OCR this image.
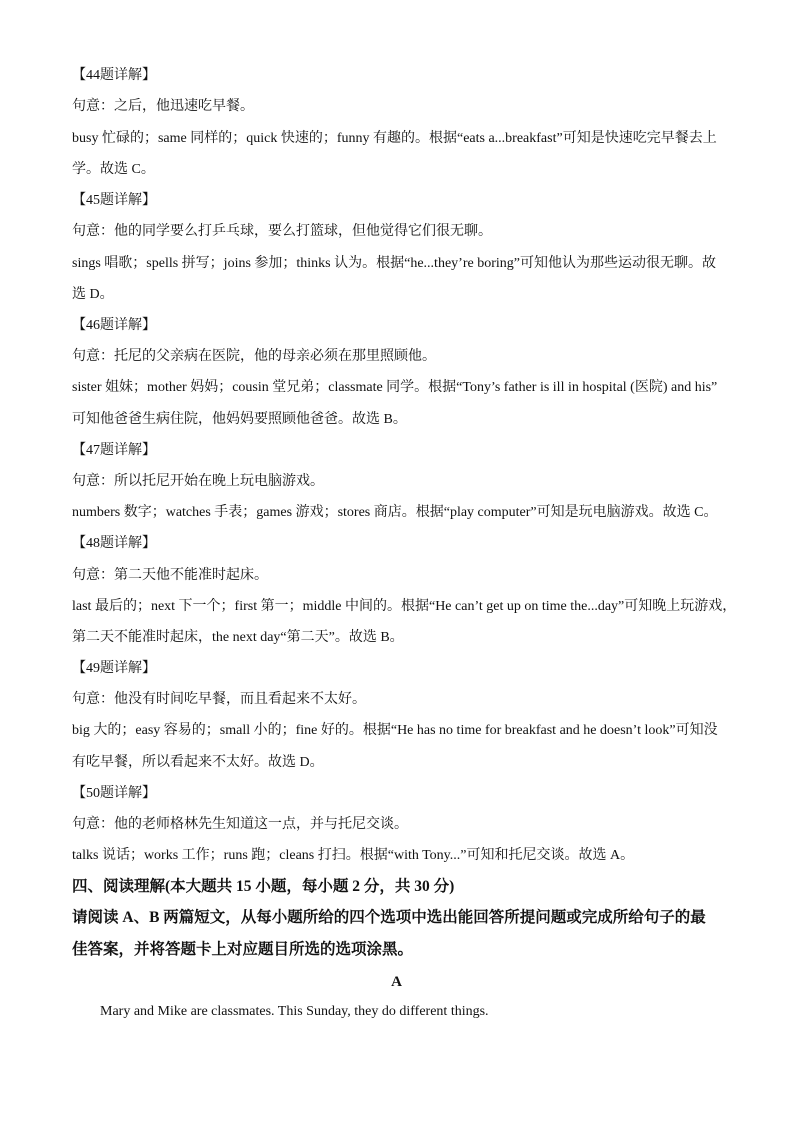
【44题详解】
句意：之后，他迅速吃早餐。
busy 忙碌的；same 同样的；quick 快速的；funny 有趣的。根据“eats a...breakfast”可知是快速吃完早餐去上
学。故选 C。
【45题详解】
句意：他的同学要么打乒乓球，要么打篮球，但他觉得它们很无聊。
sings 唱歌；spells 拼写；joins 参加；thinks 认为。根据“he...they’re boring”可知他认为那些运动很无聊。故
选 D。
【46题详解】
句意：托尼的父亲病在医院，他的母亲必须在那里照顾他。
sister 姐妹；mother 妈妈；cousin 堂兄弟；classmate 同学。根据“Tony’s father is ill in hospital (医院) and his”
可知他爸爸生病住院，他妈妈要照顾他爸爸。故选 B。
【47题详解】
句意：所以托尼开始在晚上玩电脑游戏。
numbers 数字；watches 手表；games 游戏；stores 商店。根据“play computer”可知是玩电脑游戏。故选 C。
【48题详解】
句意：第二天他不能准时起床。
last 最后的；next 下一个；first 第一；middle 中间的。根据“He can’t get up on time the...day”可知晚上玩游戏，
第二天不能准时起床，the next day“第二天”。故选 B。
【49题详解】
句意：他没有时间吃早餐，而且看起来不太好。
big 大的；easy 容易的；small 小的；fine 好的。根据“He has no time for breakfast and he doesn’t look”可知没
有吃早餐，所以看起来不太好。故选 D。
【50题详解】
句意：他的老师格林先生知道这一点，并与托尼交谈。
talks 说话；works 工作；runs 跑；cleans 打扫。根据“with Tony...”可知和托尼交谈。故选 A。
四、阅读理解(本大题共 15 小题，每小题 2 分，共 30 分)
请阅读 A、B 两篇短文，从每小题所给的四个选项中选出能回答所提问题或完成所给句子的最
佳答案，并将答题卡上对应题目所选的选项涂黑。
A
Mary and Mike are classmates. This Sunday, they do different things.
